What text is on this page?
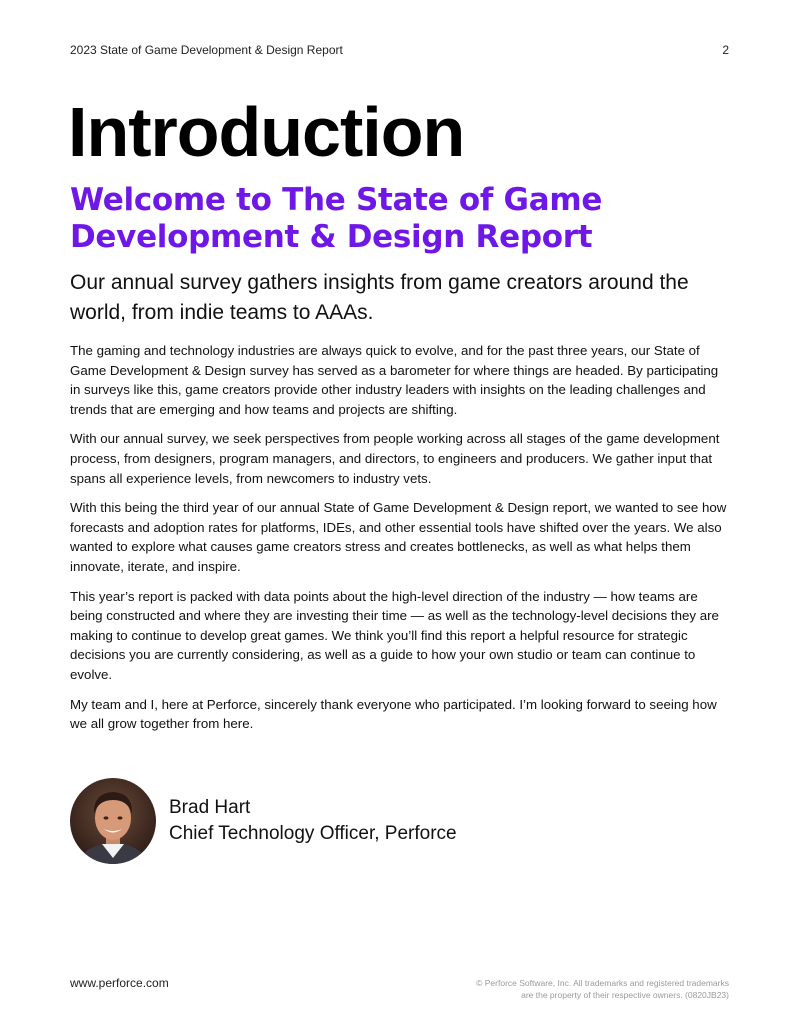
2023 State of Game Development & Design Report	2
Introduction
Welcome to The State of Game Development & Design Report

Our annual survey gathers insights from game creators around the world, from indie teams to AAAs.

The gaming and technology industries are always quick to evolve, and for the past three years, our State of Game Development & Design survey has served as a barometer for where things are headed. By participating in surveys like this, game creators provide other industry leaders with insights on the leading challenges and trends that are emerging and how teams and projects are shifting.

With our annual survey, we seek perspectives from people working across all stages of the game development process, from designers, program managers, and directors, to engineers and producers. We gather input that spans all experience levels, from newcomers to industry vets.

With this being the third year of our annual State of Game Development & Design report, we wanted to see how forecasts and adoption rates for platforms, IDEs, and other essential tools have shifted over the years. We also wanted to explore what causes game creators stress and creates bottlenecks, as well as what helps them innovate, iterate, and inspire.

This year’s report is packed with data points about the high-level direction of the industry — how teams are being constructed and where they are investing their time — as well as the technology-level decisions they are making to continue to develop great games. We think you’ll find this report a helpful resource for strategic decisions you are currently considering, as well as a guide to how your own studio or team can continue to evolve.

My team and I, here at Perforce, sincerely thank everyone who participated. I’m looking forward to seeing how we all grow together from here.

Brad Hart
Chief Technology Officer, Perforce
www.perforce.com	© Perforce Software, Inc. All trademarks and registered trademarks
are the property of their respective owners. (0820JB23)
